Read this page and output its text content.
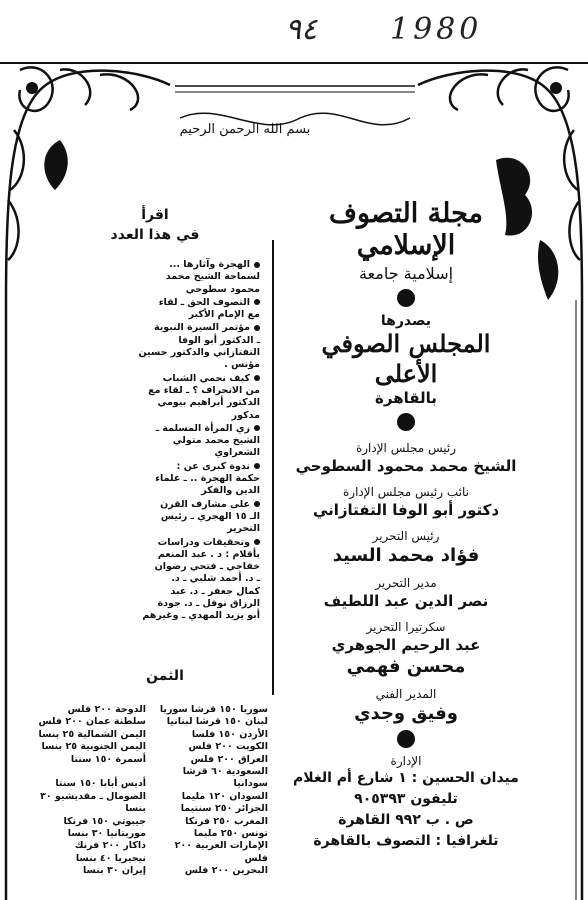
٩٤ 1980
بسم الله الرحمن الرحيم
مجلة التصوف الإسلامي
إسلامية جامعة
يصدرها
المجلس الصوفي الأعلى
بالقاهرة
رئيس مجلس الإدارة
الشيخ محمد محمود السطوحي
نائب رئيس مجلس الإدارة
دكتور أبو الوفا التفتازاني
رئيس التحرير
فؤاد محمد السيد
مدير التحرير
نصر الدين عبد اللطيف
سكرتيرا التحرير
عبد الرحيم الجوهري
محسن فهمي
المدير الفني
وفيق وجدي
الإدارة
ميدان الحسين : ١ شارع أم الغلام
تليفون ٩٠٥٣٩٣
ص . ب ٩٩٢ القاهرة
تلغرافيا : التصوف بالقاهرة
اقرأ
في هذا العدد
الهجرة وآثارها ...
لسماحة الشيخ محمد
محمود سطوحي
التصوف الحق ـ لقاء
مع الإمام الأكبر
مؤتمر السيرة النبوية
ـ الدكتور أبو الوفا
التفتازاني والدكتور حسين
مؤنس .
كيف نحمي الشباب
من الانحراف ؟ ـ لقاء مع
الدكتور أبراهيم بيومي
مدكور
زي المرأة المسلمة ـ
الشيخ محمد متولي
الشعراوي
ندوة كبرى عن :
حكمة الهجرة .. ـ علماء
الدين والفكر
على مشارف القرن
الـ ١٥ الهجري ـ رئيس
التحرير
وتحقيقات ودراسات
بأقلام : د . عبد المنعم
خفاجي ـ فتحي رضوان
ـ د. أحمد شلبي ـ د.
كمال جعفر ـ د. عبد
الرزاق نوفل ـ د. جودة
أبو يزيد المهدي ـ وغيرهم
الثمن
سوريا ١٥٠ قرشا سوريا
لبنان ١٥٠ قرشا لبنانيا
الأردن ١٥٠ فلسا
الكويت ٢٠٠ فلس
العراق ٢٠٠ فلس
السعودية ٦٠ قرشا
سودانيا
السودان ١٢٠ مليما
الجزائر ٢٥٠ سنتيما
المغرب ٢٥٠ فرنكا
تونس ٢٥٠ مليما
الإمارات العربية ٢٠٠
فلس
البحرين ٢٠٠ فلس
الدوحة ٢٠٠ فلس
سلطنة عمان ٢٠٠ فلس
اليمن الشمالية ٢٥ بنسا
اليمن الجنوبية ٢٥ بنسا
أسمرة ١٥٠ سنتا

أديس أبابا ١٥٠ سنتا
الصومال ـ مقديشيو ٣٠
بنسا
جيبوتي ١٥٠ فرنكا
موريتانيا ٣٠ بنسا
داكار ٢٠٠ فرنك
نيجيريا ٤٠ بنسا
إيران ٣٠ بنسا
